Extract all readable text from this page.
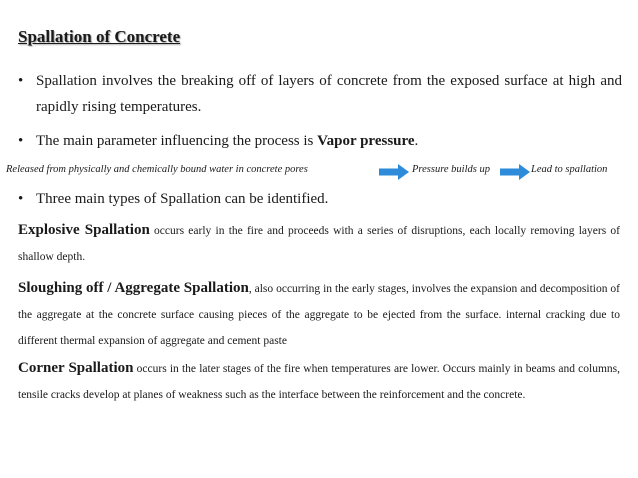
Spallation of Concrete
• Spallation involves the breaking off of layers of concrete from the exposed surface at high and rapidly rising temperatures.
• The main parameter influencing the process is Vapor pressure.
Released from physically and chemically bound water in concrete pores	Pressure builds up	Lead to spallation
• Three main types of Spallation can be identified.
Explosive Spallation occurs early in the fire and proceeds with a series of disruptions, each locally removing layers of shallow depth.
Sloughing off / Aggregate Spallation, also occurring in the early stages, involves the expansion and decomposition of the aggregate at the concrete surface causing pieces of the aggregate to be ejected from the surface. internal cracking due to different thermal expansion of aggregate and cement paste
Corner Spallation occurs in the later stages of the fire when temperatures are lower. Occurs mainly in beams and columns, tensile cracks develop at planes of weakness such as the interface between the reinforcement and the concrete.
